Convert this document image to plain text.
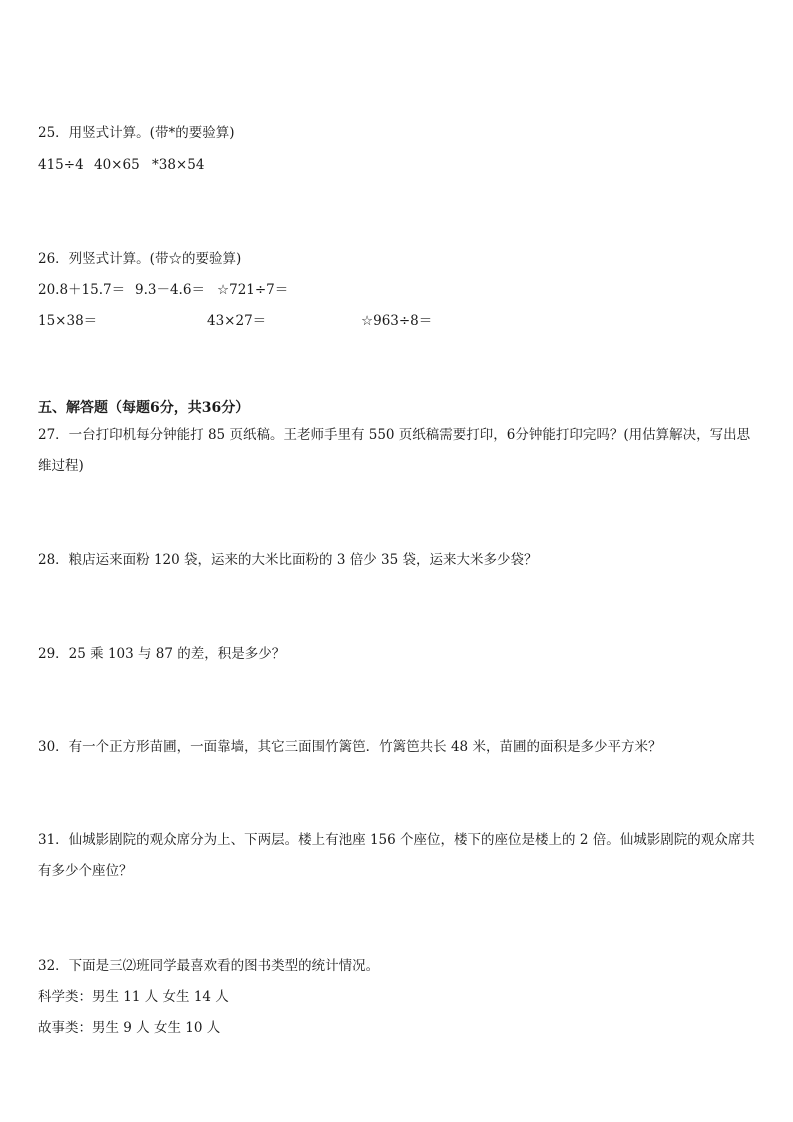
25．用竖式计算。(带*的要验算)
415÷4 40×65 *38×54
26．列竖式计算。(带☆的要验算)
20.8＋15.7＝ 9.3－4.6＝ ☆721÷7＝
15×38＝	43×27＝	☆963÷8＝
五、解答题（每题6分，共36分）
27．一台打印机每分钟能打 85 页纸稿。王老师手里有 550 页纸稿需要打印，6分钟能打印完吗？(用估算解决，写出思维过程)
28．粮店运来面粉 120 袋，运来的大米比面粉的 3 倍少 35 袋，运来大米多少袋？
29．25 乘 103 与 87 的差，积是多少？
30．有一个正方形苗圃，一面靠墙，其它三面围竹篱笆．竹篱笆共长 48 米，苗圃的面积是多少平方米？
31．仙城影剧院的观众席分为上、下两层。楼上有池座 156 个座位，楼下的座位是楼上的 2 倍。仙城影剧院的观众席共有多少个座位？
32．下面是三⑵班同学最喜欢看的图书类型的统计情况。
科学类：男生 11 人 女生 14 人
故事类：男生 9 人 女生 10 人
